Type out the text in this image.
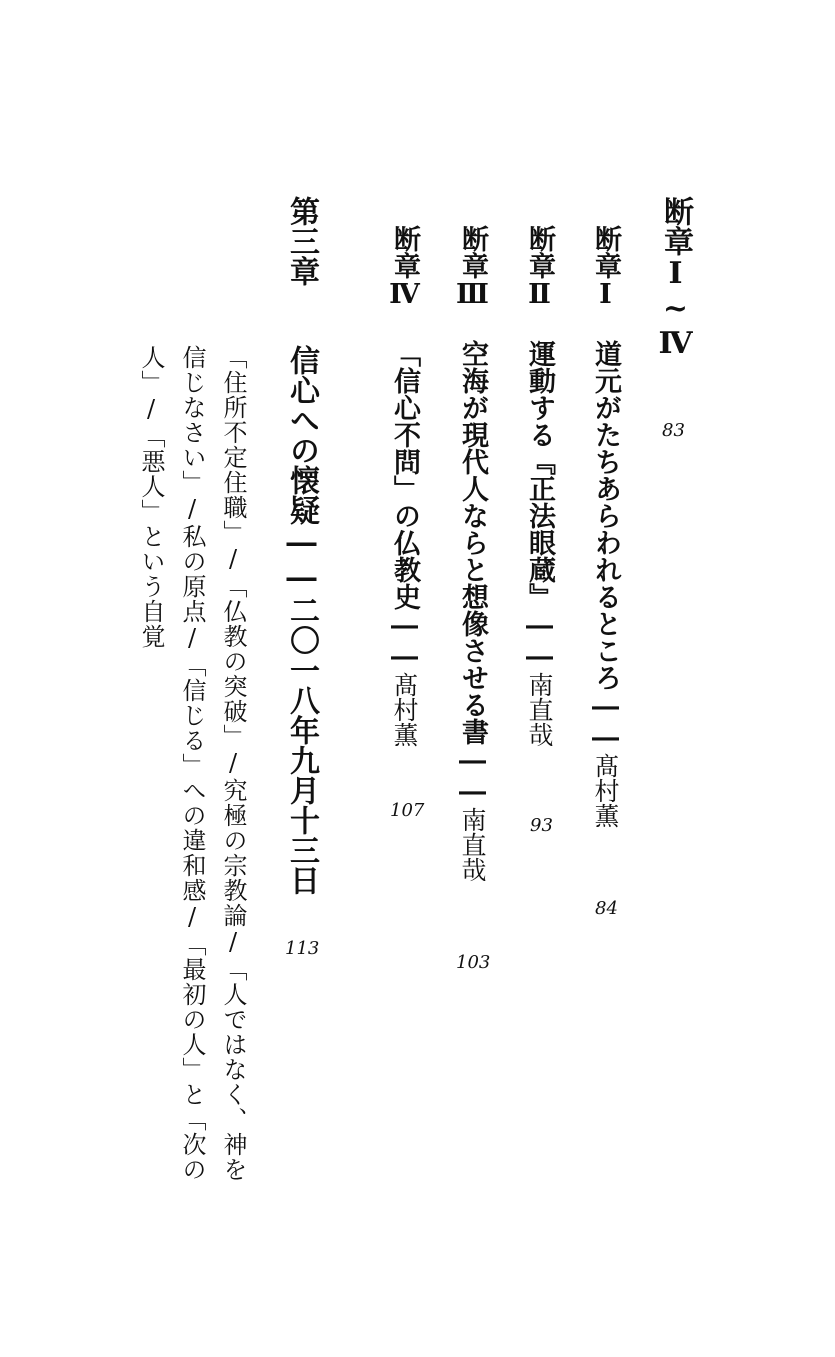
断章Ⅰ~Ⅳ
83
断章Ⅰ道元がたちあらわれるところ――髙村薫
84
断章Ⅱ運動する『正法眼蔵』――南直哉
93
断章Ⅲ空海が現代人ならと想像させる書――南直哉
103
断章Ⅳ「信心不問」の仏教史――髙村薫
107
第三章
信心への懐疑――二〇一八年九月十三日
113
「住所不定住職」/「仏教の突破」/究極の宗教論/「人ではなく、神を
信じなさい」/私の原点/「信じる」への違和感/「最初の人」と「次の
人」/「悪人」という自覚
